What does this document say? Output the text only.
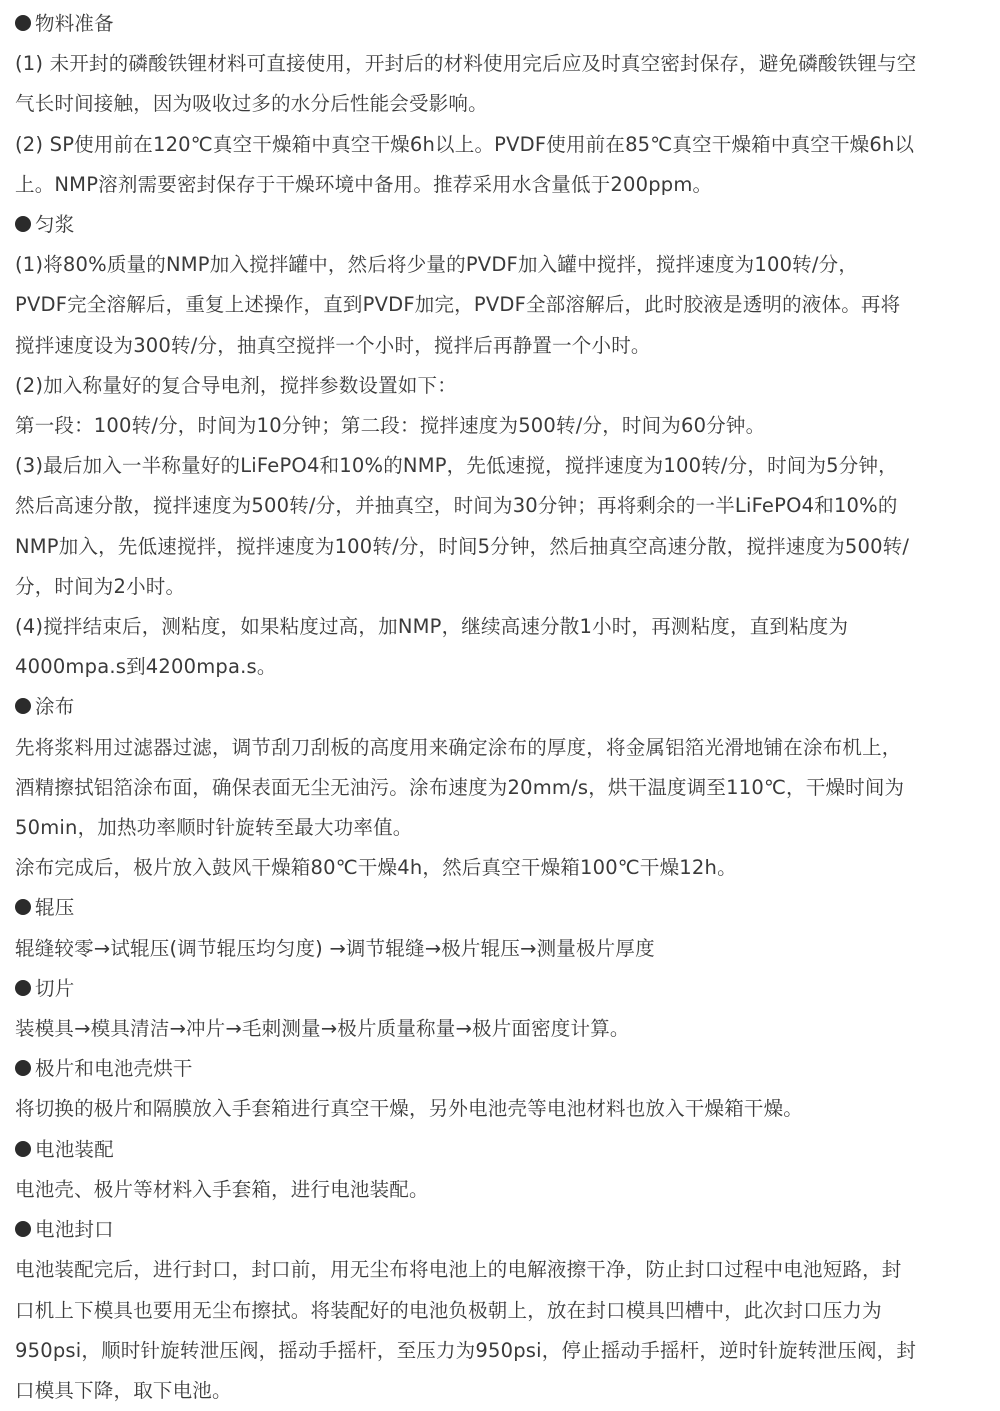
物料准备
(1) 未开封的磷酸铁锂材料可直接使用，开封后的材料使用完后应及时真空密封保存，避免磷酸铁锂与空
气长时间接触，因为吸收过多的水分后性能会受影响。
(2) SP使用前在120℃真空干燥箱中真空干燥6h以上。PVDF使用前在85℃真空干燥箱中真空干燥6h以
上。NMP溶剂需要密封保存于干燥环境中备用。推荐采用水含量低于200ppm。
匀浆
(1)将80%质量的NMP加入搅拌罐中，然后将少量的PVDF加入罐中搅拌，搅拌速度为100转/分，
PVDF完全溶解后，重复上述操作，直到PVDF加完，PVDF全部溶解后，此时胶液是透明的液体。再将
搅拌速度设为300转/分，抽真空搅拌一个小时，搅拌后再静置一个小时。
(2)加入称量好的复合导电剂，搅拌参数设置如下：
第一段：100转/分，时间为10分钟；第二段：搅拌速度为500转/分，时间为60分钟。
(3)最后加入一半称量好的LiFePO4和10%的NMP，先低速搅，搅拌速度为100转/分，时间为5分钟，
然后高速分散，搅拌速度为500转/分，并抽真空，时间为30分钟；再将剩余的一半LiFePO4和10%的
NMP加入，先低速搅拌，搅拌速度为100转/分，时间5分钟，然后抽真空高速分散，搅拌速度为500转/
分，时间为2小时。
(4)搅拌结束后，测粘度，如果粘度过高，加NMP，继续高速分散1小时，再测粘度，直到粘度为
4000mpa.s到4200mpa.s。
涂布
先将浆料用过滤器过滤，调节刮刀刮板的高度用来确定涂布的厚度，将金属铝箔光滑地铺在涂布机上，
酒精擦拭铝箔涂布面，确保表面无尘无油污。涂布速度为20mm/s，烘干温度调至110℃，干燥时间为
50min，加热功率顺时针旋转至最大功率值。
涂布完成后，极片放入鼓风干燥箱80℃干燥4h，然后真空干燥箱100℃干燥12h。
辊压
辊缝较零→试辊压(调节辊压均匀度) →调节辊缝→极片辊压→测量极片厚度
切片
装模具→模具清洁→冲片→毛刺测量→极片质量称量→极片面密度计算。
极片和电池壳烘干
将切换的极片和隔膜放入手套箱进行真空干燥，另外电池壳等电池材料也放入干燥箱干燥。
电池装配
电池壳、极片等材料入手套箱，进行电池装配。
电池封口
电池装配完后，进行封口，封口前，用无尘布将电池上的电解液擦干净，防止封口过程中电池短路，封
口机上下模具也要用无尘布擦拭。将装配好的电池负极朝上，放在封口模具凹槽中，此次封口压力为
950psi，顺时针旋转泄压阀，摇动手摇杆，至压力为950psi，停止摇动手摇杆，逆时针旋转泄压阀，封
口模具下降，取下电池。
